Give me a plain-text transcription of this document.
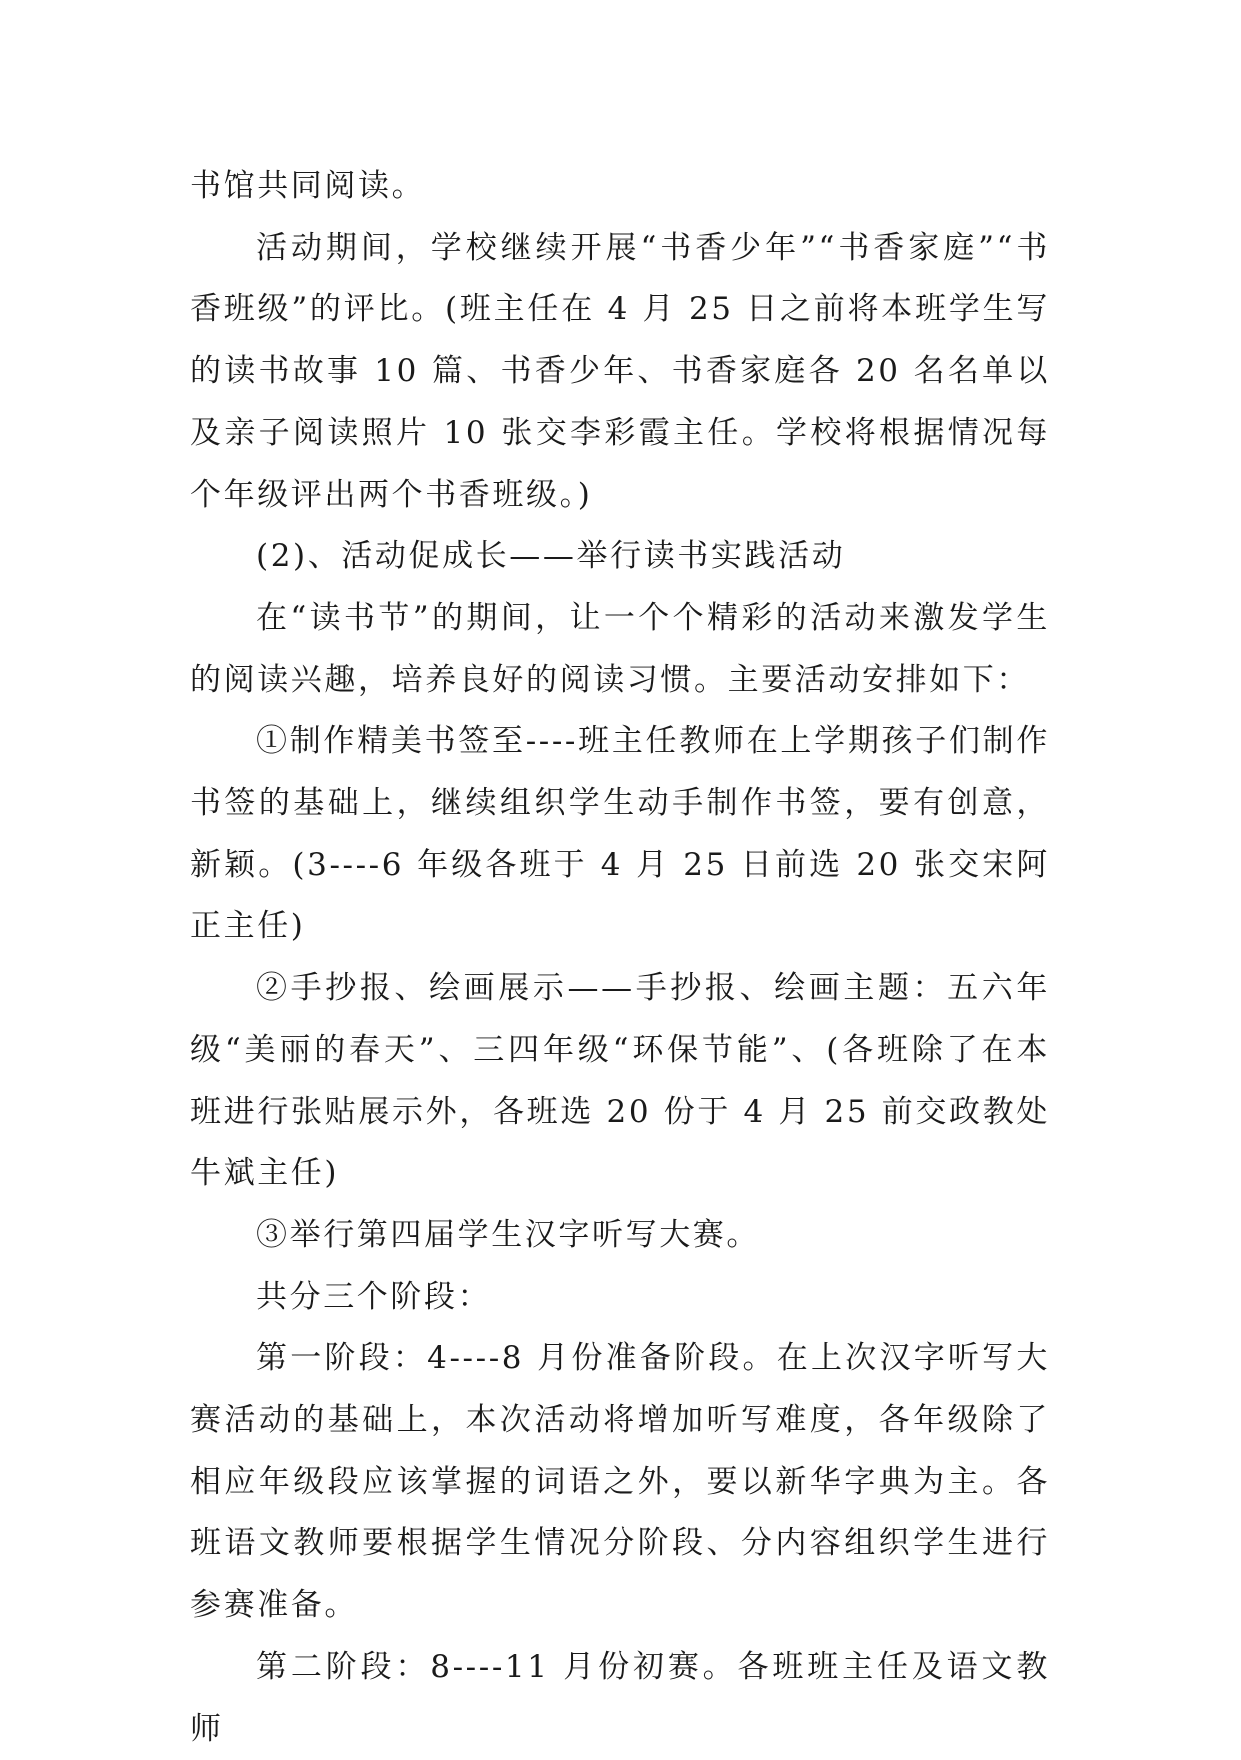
书馆共同阅读。

活动期间，学校继续开展“书香少年”“书香家庭”“书香班级”的评比。(班主任在 4 月 25 日之前将本班学生写的读书故事 10 篇、书香少年、书香家庭各 20 名名单以及亲子阅读照片 10 张交李彩霞主任。学校将根据情况每个年级评出两个书香班级。)

(2)、活动促成长——举行读书实践活动

在“读书节”的期间，让一个个精彩的活动来激发学生的阅读兴趣，培养良好的阅读习惯。主要活动安排如下：

①制作精美书签至----班主任教师在上学期孩子们制作书签的基础上，继续组织学生动手制作书签，要有创意，新颖。(3----6 年级各班于 4 月 25 日前选 20 张交宋阿正主任)

②手抄报、绘画展示——手抄报、绘画主题：五六年级“美丽的春天”、三四年级“环保节能”、(各班除了在本班进行张贴展示外，各班选 20 份于 4 月 25 前交政教处牛斌主任)

③举行第四届学生汉字听写大赛。

共分三个阶段：

第一阶段：4----8 月份准备阶段。在上次汉字听写大赛活动的基础上，本次活动将增加听写难度，各年级除了相应年级段应该掌握的词语之外，要以新华字典为主。各班语文教师要根据学生情况分阶段、分内容组织学生进行参赛准备。

第二阶段：8----11 月份初赛。各班班主任及语文教师
